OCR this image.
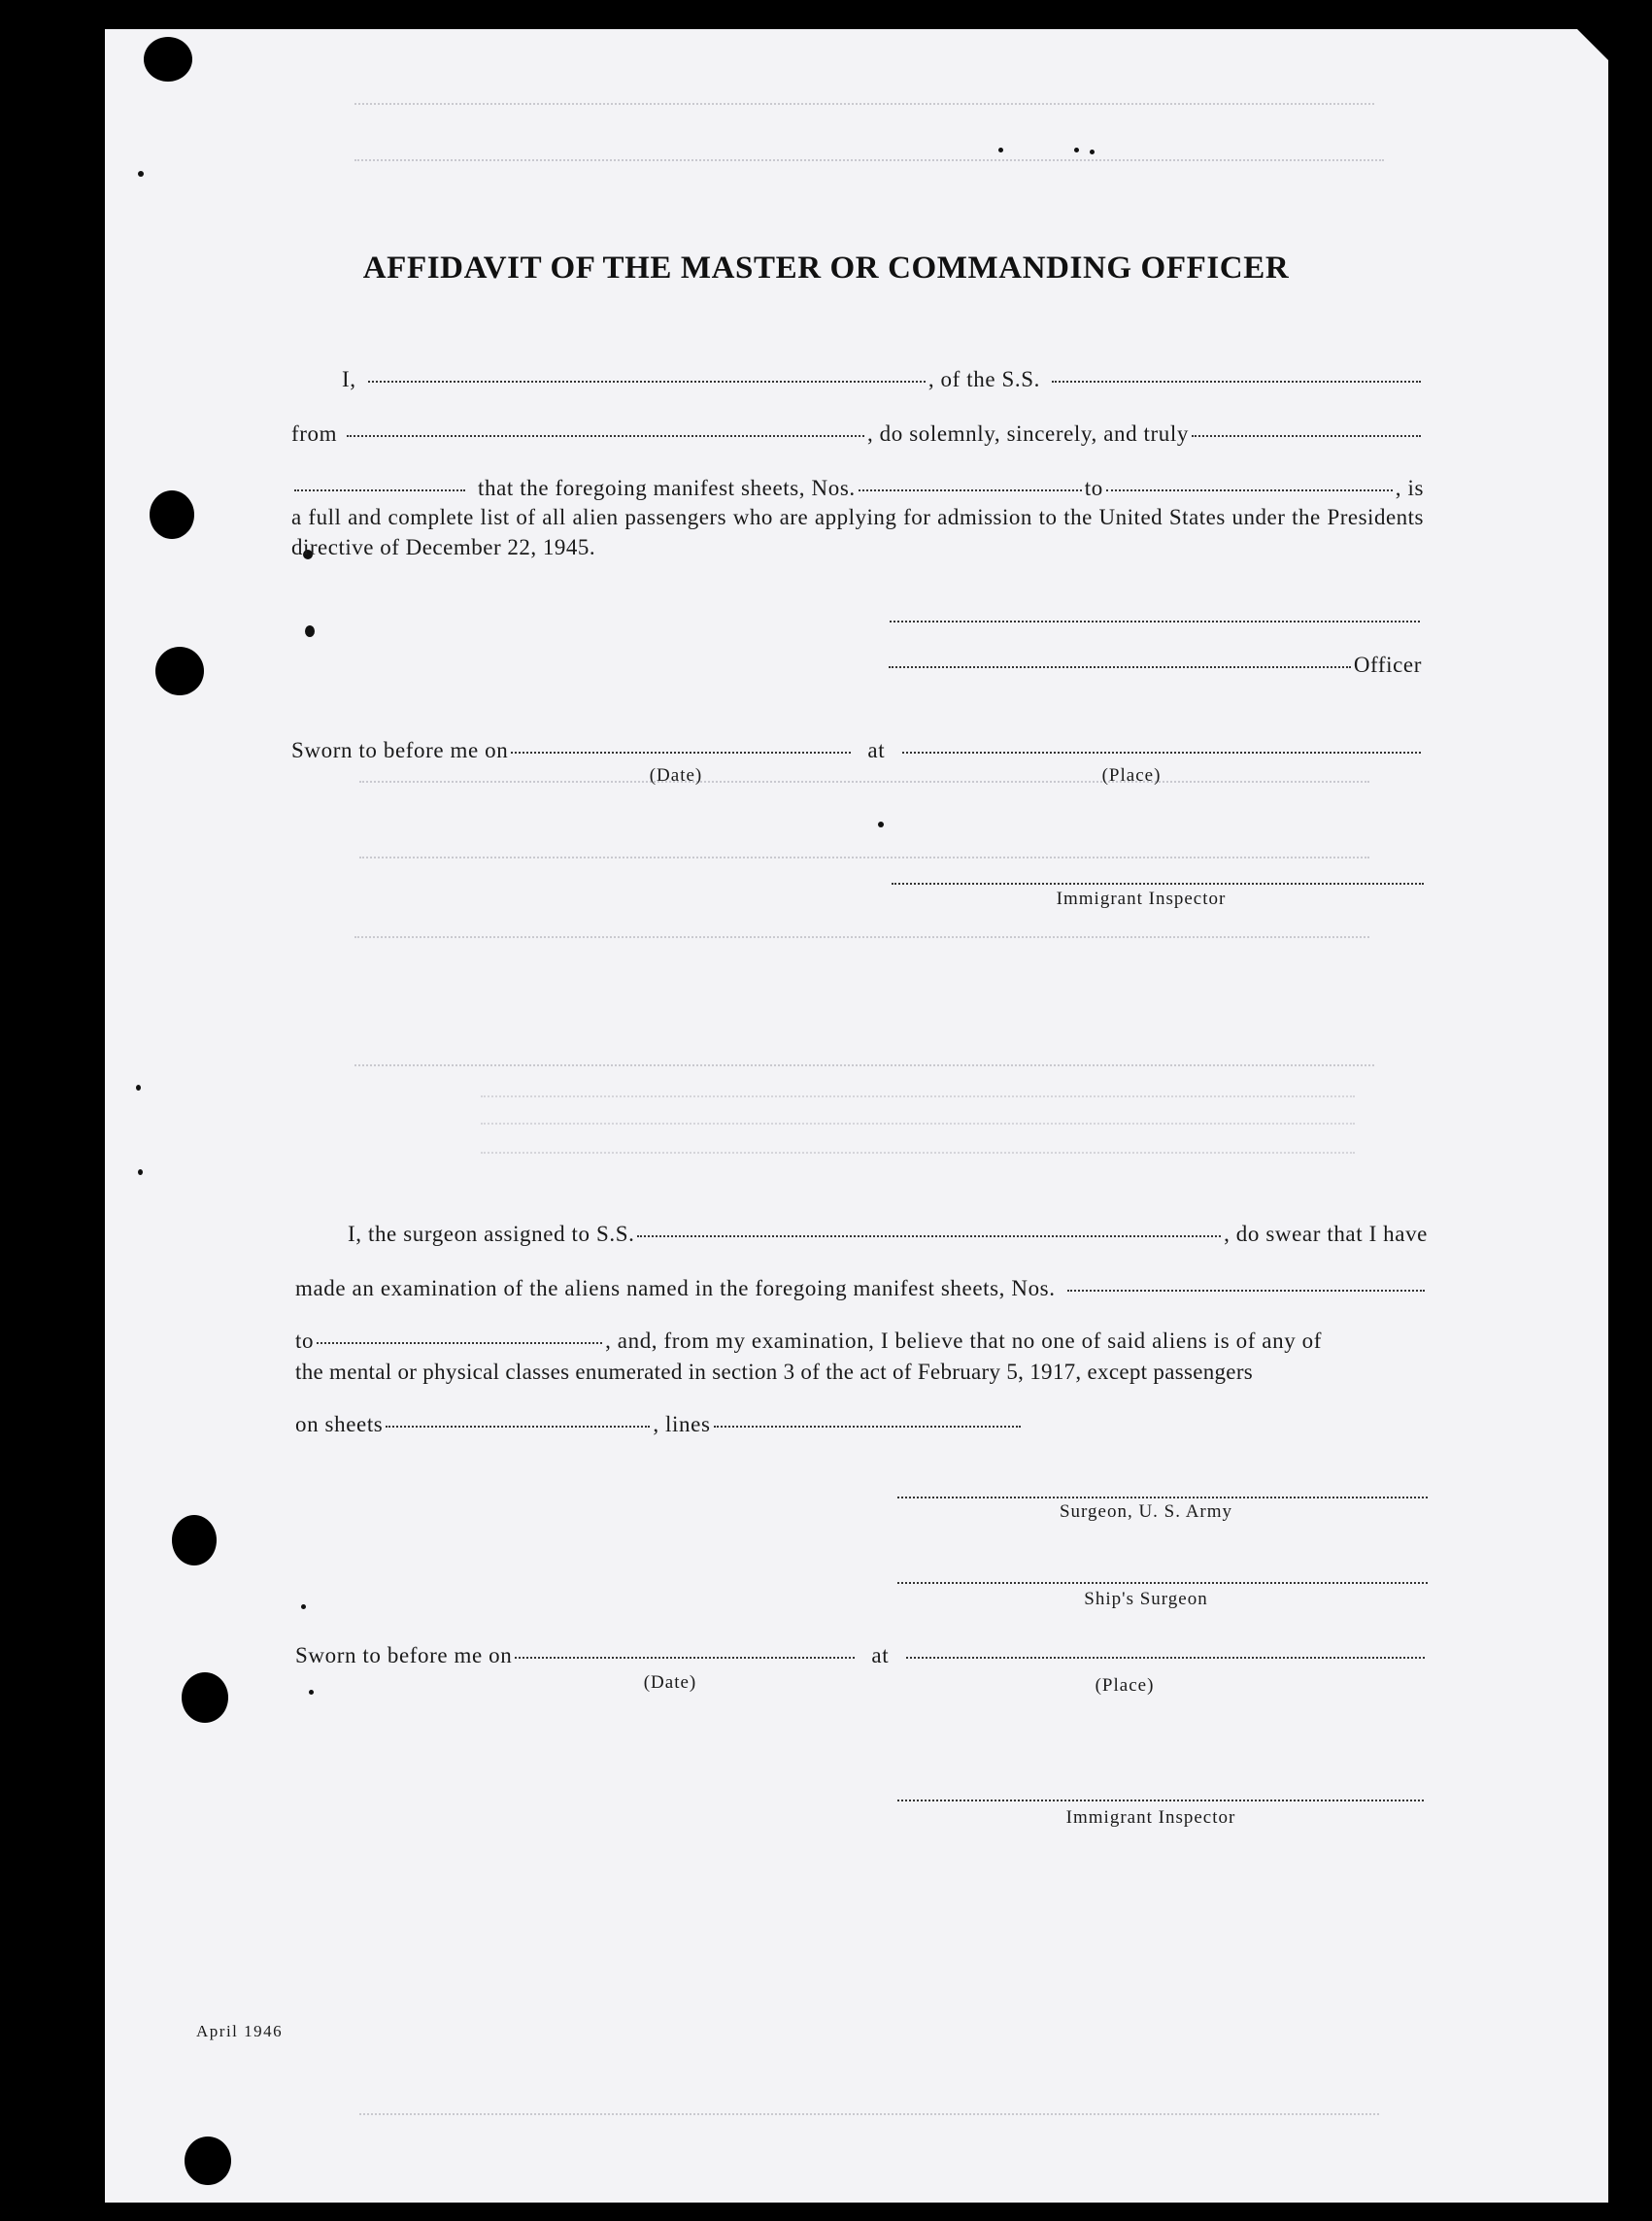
AFFIDAVIT OF THE MASTER OR COMMANDING OFFICER
I,	, of the S.S.
from	, do solemnly, sincerely, and truly
that the foregoing manifest sheets, Nos.	to	, is
a full and complete list of all alien passengers who are applying for admission to the United States under the Presidents directive of December 22, 1945.
Officer
Sworn to before me on	at
(Date)	(Place)
Immigrant Inspector
I, the surgeon assigned to S.S.	, do swear that I have
made an examination of the aliens named in the foregoing manifest sheets, Nos.
to	, and, from my examination, I believe that no one of said aliens is of any of
the mental or physical classes enumerated in section 3 of the act of February 5, 1917, except passengers
on sheets	, lines
Surgeon, U. S. Army
Ship's Surgeon
Sworn to before me on	at
(Date)	(Place)
Immigrant Inspector
April 1946
